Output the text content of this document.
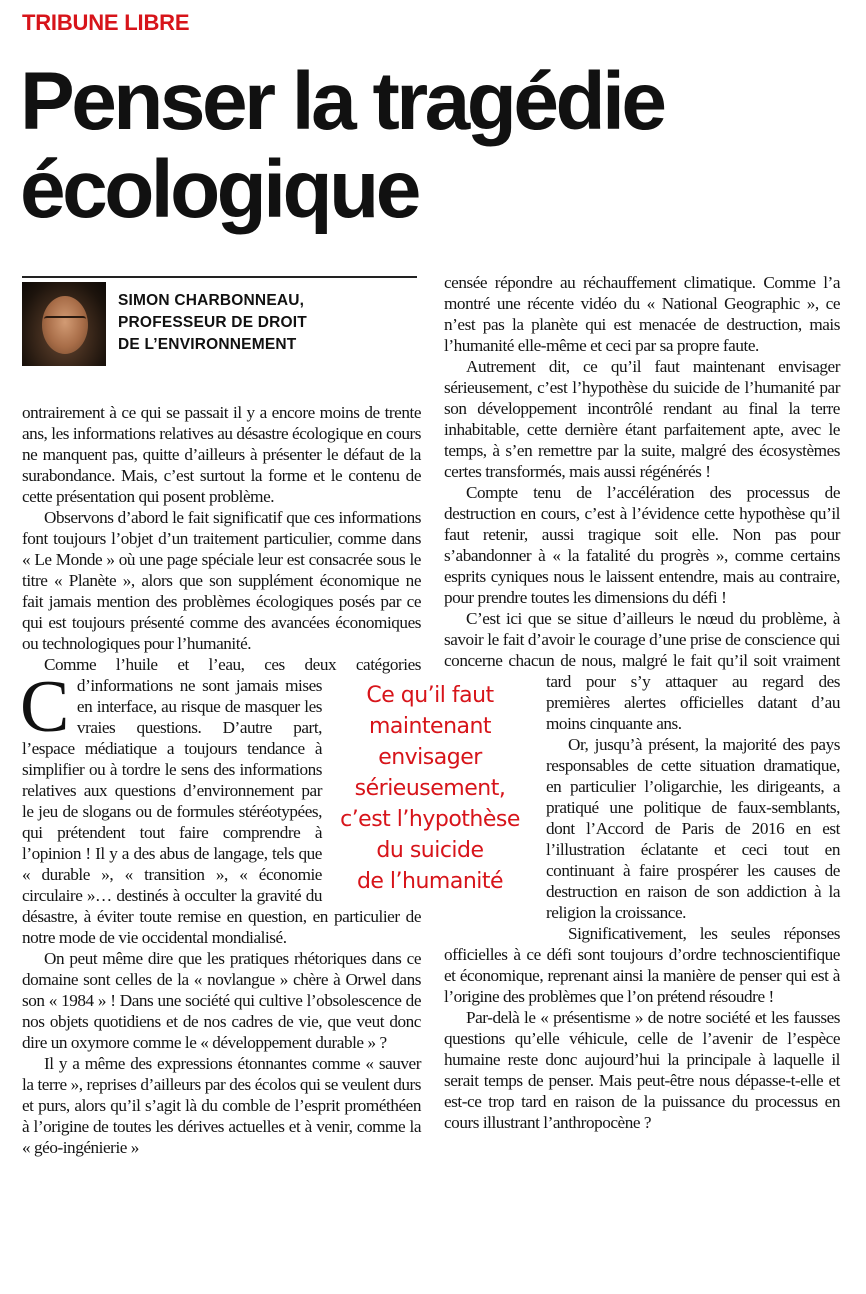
TRIBUNE LIBRE
Penser la tragédie écologique
SIMON CHARBONNEAU,
PROFESSEUR DE DROIT
DE L’ENVIRONNEMENT

C
ontrairement à ce qui se passait il y a encore moins de trente ans, les informations relatives au désastre écologique en cours ne manquent pas, quitte d’ailleurs à présenter le défaut de la surabondance. Mais, c’est surtout la forme et le contenu de cette présentation qui posent problème.

Observons d’abord le fait significatif que ces informations font toujours l’objet d’un traitement particulier, comme dans « Le Monde » où une page spéciale leur est consacrée sous le titre « Planète », alors que son supplément économique ne fait jamais mention des problèmes écologiques posés par ce qui est toujours présenté comme des avancées économiques ou technologiques pour l’humanité.

Comme l’huile et l’eau, ces deux catégories d’informations ne sont jamais mises en interface, au risque de masquer les vraies questions. D’autre part, l’espace médiatique a toujours tendance à simplifier ou à tordre le sens des informations relatives aux questions d’environnement par le jeu de slogans ou de formules stéréotypées, qui prétendent tout faire comprendre à l’opinion ! Il y a des abus de langage, tels que « durable », « transition », « économie circulaire »… destinés à occulter la gravité du désastre, à éviter toute remise en question, en particulier de notre mode de vie occidental mondialisé.

On peut même dire que les pratiques rhétoriques dans ce domaine sont celles de la « novlangue » chère à Orwel dans son « 1984 » ! Dans une société qui cultive l’obsolescence de nos objets quotidiens et de nos cadres de vie, que veut donc dire un oxymore comme le « développement durable » ?

Il y a même des expressions étonnantes comme « sauver la terre », reprises d’ailleurs par des écolos qui se veulent durs et purs, alors qu’il s’agit là du comble de l’esprit prométhéen à l’origine de toutes les dérives actuelles et à venir, comme la « géo-ingénierie »

censée répondre au réchauffement climatique. Comme l’a montré une récente vidéo du « National Geographic », ce n’est pas la planète qui est menacée de destruction, mais l’humanité elle-même et ceci par sa propre faute.

Autrement dit, ce qu’il faut maintenant envisager sérieusement, c’est l’hypothèse du suicide de l’humanité par son développement incontrôlé rendant au final la terre inhabitable, cette dernière étant parfaitement apte, avec le temps, à s’en remettre par la suite, malgré des écosystèmes certes transformés, mais aussi régénérés !

Compte tenu de l’accélération des processus de destruction en cours, c’est à l’évidence cette hypothèse qu’il faut retenir, aussi tragique soit elle. Non pas pour s’abandonner à « la fatalité du progrès », comme certains esprits cyniques nous le laissent entendre, mais au contraire, pour prendre toutes les dimensions du défi !

C’est ici que se situe d’ailleurs le nœud du problème, à savoir le fait d’avoir le courage d’une prise de conscience qui concerne chacun de nous, malgré le fait qu’il soit vraiment tard pour s’y attaquer au regard des premières alertes officielles datant d’au moins cinquante ans.

Or, jusqu’à présent, la majorité des pays responsables de cette situation dramatique, en particulier l’oligarchie, les dirigeants, a pratiqué une politique de faux-semblants, dont l’Accord de Paris de 2016 en est l’illustration éclatante et ceci tout en continuant à faire prospérer les causes de destruction en raison de son addiction à la religion la croissance.

Significativement, les seules réponses officielles à ce défi sont toujours d’ordre technoscientifique et économique, reprenant ainsi la manière de penser qui est à l’origine des problèmes que l’on prétend résoudre !

Par-delà le « présentisme » de notre société et les fausses questions qu’elle véhicule, celle de l’avenir de l’espèce humaine reste donc aujourd’hui la principale à laquelle il serait temps de penser. Mais peut-être nous dépasse-t-elle et est-ce trop tard en raison de la puissance du processus en cours illustrant l’anthropocène ?

Ce qu’il faut
maintenant
envisager
sérieusement,
c’est l’hypothèse
du suicide
de l’humanité
